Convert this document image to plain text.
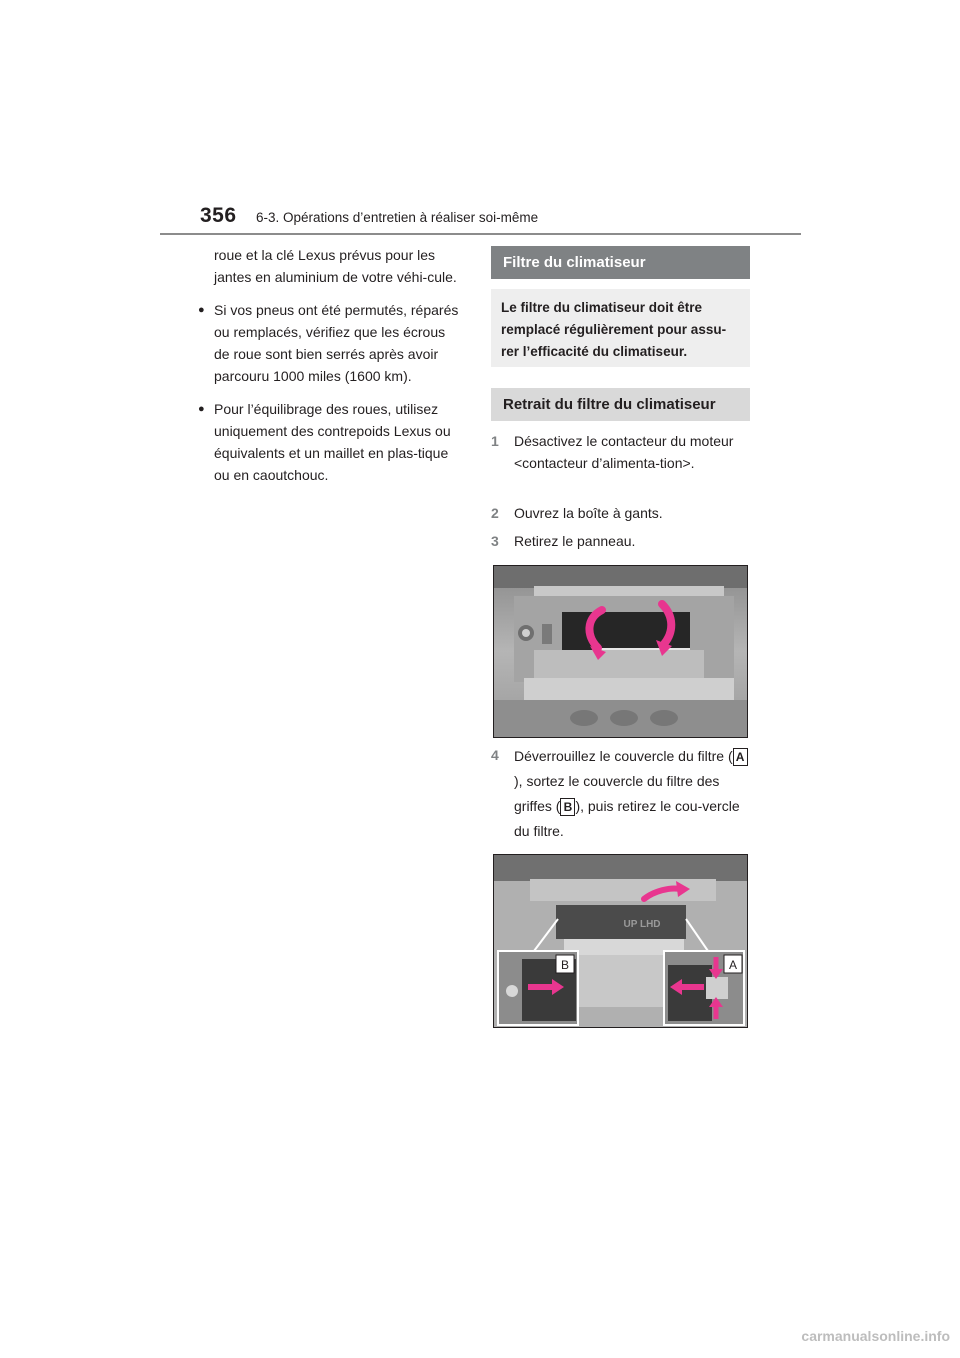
356 6-3. Opérations d’entretien à réaliser soi-même

roue et la clé Lexus prévus pour les jantes en aluminium de votre véhi-cule.

● Si vos pneus ont été permutés, réparés ou remplacés, vérifiez que les écrous de roue sont bien serrés après avoir parcouru 1000 miles (1600 km).

● Pour l’équilibrage des roues, utilisez uniquement des contrepoids Lexus ou équivalents et un maillet en plas-tique ou en caoutchouc.

Filtre du climatiseur
Le filtre du climatiseur doit être remplacé régulièrement pour assu-rer l’efficacité du climatiseur.
Retrait du filtre du climatiseur
1 Désactivez le contacteur du moteur <contacteur d’alimenta-tion>.
2 Ouvrez la boîte à gants.
3 Retirez le panneau.
4 Déverrouillez le couvercle du filtre ( A), sortez le couvercle du filtre des griffes ( B ), puis retirez le cou-vercle du filtre.
UP LHD
B	A
carmanualsonline.info
